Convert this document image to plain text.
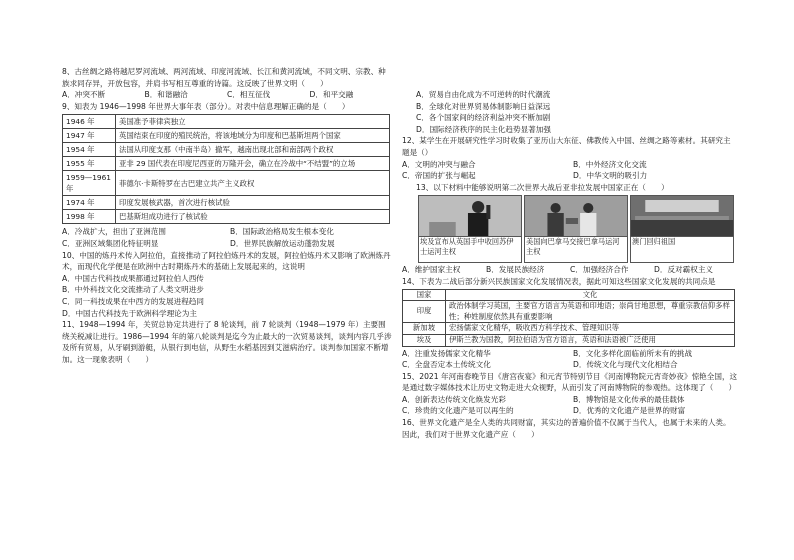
8、古丝绸之路将越尼罗河流域、两河流域、印度河流域、长江和黄河流域，不同文明、宗教、种族求同存异，开放包容，并肩书写相互尊重的诗篇。这反映了世界文明（　　）

A．冲突不断	B．和谐融洽	C．相互征伐	D．和平交融

9、知表为 1946—1998 年世界大事年表（部分）。对表中信息理解正确的是（　　）

1946 年	美国准予菲律宾独立
1947 年	英国结束在印度的殖民统治，将该地域分为印度和巴基斯坦两个国家
1954 年	法国从印度支那（中南半岛）撤军，越南出现北部和南部两个政权
1955 年	亚非 29 国代表在印度尼西亚的万隆开会，确立在冷战中“不结盟”的立场
1959—1961 年	菲德尔·卡斯特罗在古巴建立共产主义政权
1974 年	印度发展核武器，首次进行核试验
1998 年	巴基斯坦成功进行了核试验
A．冷战扩大，担出了亚洲范围	B．国际政治格局发生根本变化
C．亚洲区域集团化特征明显	D．世界民族解放运动蓬勃发展

10、中国的炼丹术传入阿拉伯，直接推动了阿拉伯炼丹术的发展，阿拉伯炼丹术又影响了欧洲炼丹术，而现代化学便是在欧洲中古时期炼丹术的基础上发展起来的，这说明

A．中国古代科技成果都通过阿拉伯人西传
B．中外科技文化交流推动了人类文明进步
C．同一科技成果在中西方的发展进程趋同
D．中国古代科技先于欧洲科学理论为主

11、1948—1994 年，关贸总协定共进行了 8 轮谈判，前 7 轮谈判（1948—1979 年）主要围绕关税减让进行。1986—1994 年的第八轮谈判是迄今为止最大的一次贸易谈判，谈判内容几乎涉及所有贸易，从牙刷到游艇，从银行到电信，从野生水稻基因到艾滋病治疗。谈判参加国家不断增加。这一现象表明（　　）

A．贸易自由化成为不可逆转的时代潮流
B．全球化对世界贸易体制影响日益深远
C．各个国家间的经济利益冲突不断加剧
D．国际经济秩序的民主化趋势显著加强

12、某学生在开展研究性学习时收集了亚历山大东征、佛教传入中国、丝绸之路等素材。其研究主题是（）

A．文明的冲突与融合	B．中外经济文化交流
C．帝国的扩张与崛起	D．中华文明的吸引力

13、以下材料中能够说明第二次世界大战后亚非拉发展中国家正在（　　）

埃及宣布从英国手中收回苏伊士运河主权
美国向巴拿马交接巴拿马运河主权
澳门回归祖国
A．维护国家主权	B．发展民族经济	C．加强经济合作	D．反对霸权主义

14、下表为二战后部分新兴民族国家文化发展情况表，据此可知这些国家文化发展的共同点是

国家	文化
印度	政治体制学习英国，主要官方语言为英语和印地语；崇尚甘地思想，尊重宗教信仰多样性；种姓制度依然具有重要影响
新加坡	宏扬儒家文化精华，吸收西方科学技术、管理知识等
埃及	伊斯兰教为国教，阿拉伯语为官方语言，英语和法语被广泛使用
A．注重发扬儒家文化精华	B．文化多样化面临前所未有的挑战
C．全盘否定本土传统文化	D．传统文化与现代文化相结合

15、2021 年河南春晚节目《唐宫夜宴》和元宵节特别节目《河南博物院元宵奇妙夜》惊艳全国，这是通过数字媒体技术让历史文物走进大众视野，从而引发了河南博物院的参观热。这体现了（　　）

A．创新表达传统文化焕发光彩	B．博物馆是文化传承的最佳载体
C．珍贵的文化遗产是可以再生的	D．优秀的文化遗产是世界的财富

16、世界文化遗产是全人类的共同财富，其实边的普遍价值不仅属于当代人，也属于未来的人类。因此，我们对于世界文化遗产应（　　）
